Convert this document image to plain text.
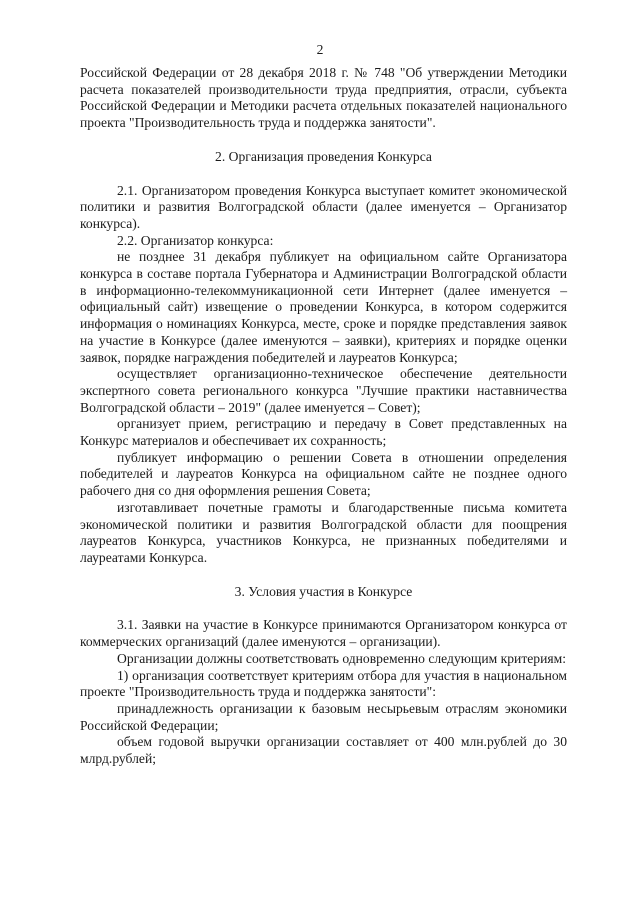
2

Российской Федерации от 28 декабря 2018 г. № 748 "Об утверждении Методики расчета показателей производительности труда предприятия, отрасли, субъекта Российской Федерации и Методики расчета отдельных показателей национального проекта "Производительность труда и поддержка занятости".

2. Организация проведения Конкурса

2.1. Организатором проведения Конкурса выступает комитет экономической политики и развития Волгоградской области (далее именуется – Организатор конкурса).

2.2. Организатор конкурса:

не позднее 31 декабря публикует на официальном сайте Организатора конкурса в составе портала Губернатора и Администрации Волгоградской области в информационно-телекоммуникационной сети Интернет (далее именуется – официальный сайт) извещение о проведении Конкурса, в котором содержится информация о номинациях Конкурса, месте, сроке и порядке представления заявок на участие в Конкурсе (далее именуются – заявки), критериях и порядке оценки заявок, порядке награждения победителей и лауреатов Конкурса;

осуществляет организационно-техническое обеспечение деятельности экспертного совета регионального конкурса "Лучшие практики наставничества Волгоградской области – 2019" (далее именуется – Совет);

организует прием, регистрацию и передачу в Совет представленных на Конкурс материалов и обеспечивает их сохранность;

публикует информацию о решении Совета в отношении определения победителей и лауреатов Конкурса на официальном сайте не позднее одного рабочего дня со дня оформления решения Совета;

изготавливает почетные грамоты и благодарственные письма комитета экономической политики и развития Волгоградской области для поощрения лауреатов Конкурса, участников Конкурса, не признанных победителями и лауреатами Конкурса.

3. Условия участия в Конкурсе

3.1. Заявки на участие в Конкурсе принимаются Организатором конкурса от коммерческих организаций (далее именуются – организации).

Организации должны соответствовать одновременно следующим критериям:

1) организация соответствует критериям отбора для участия в национальном проекте "Производительность труда и поддержка занятости":

принадлежность организации к базовым несырьевым отраслям экономики Российской Федерации;

объем годовой выручки организации составляет от 400 млн.рублей до 30 млрд.рублей;
